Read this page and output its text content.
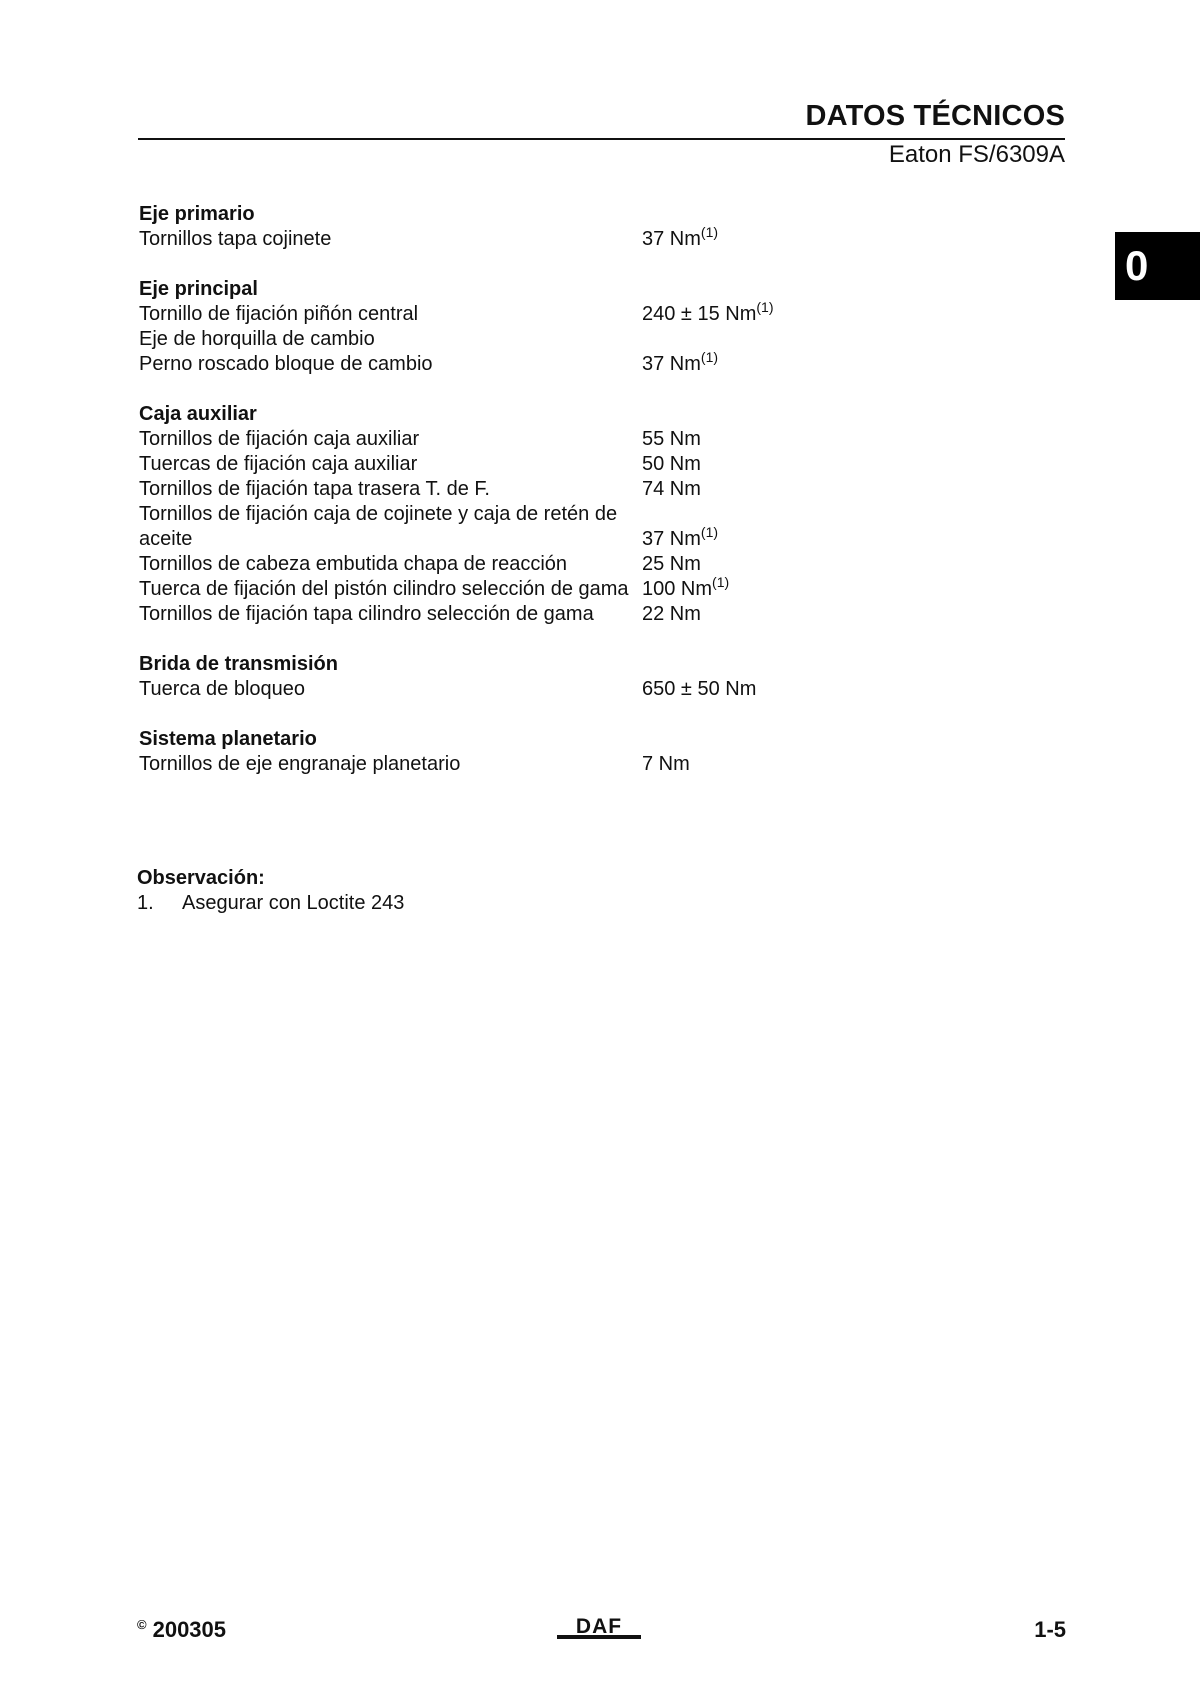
DATOS TÉCNICOS
Eaton FS/6309A
0
Eje primario
Tornillos tapa cojinete	37 Nm$^{(1)}$
Eje principal
Tornillo de fijación piñón central	240 ± 15 Nm$^{(1)}$
Eje de horquilla de cambio
Perno roscado bloque de cambio	37 Nm$^{(1)}$
Caja auxiliar
Tornillos de fijación caja auxiliar	55 Nm
Tuercas de fijación caja auxiliar	50 Nm
Tornillos de fijación tapa trasera T. de F.	74 Nm
Tornillos de fijación caja de cojinete y caja de retén de aceite	37 Nm$^{(1)}$
Tornillos de cabeza embutida chapa de reacción	25 Nm
Tuerca de fijación del pistón cilindro selección de gama 100 Nm$^{(1)}$
Tornillos de fijación tapa cilindro selección de gama	22 Nm
Brida de transmisión
Tuerca de bloqueo	650 ± 50 Nm
Sistema planetario
Tornillos de eje engranaje planetario	7 Nm
Observación:
1.	Asegurar con Loctite 243
© 200305	DAF	1-5
